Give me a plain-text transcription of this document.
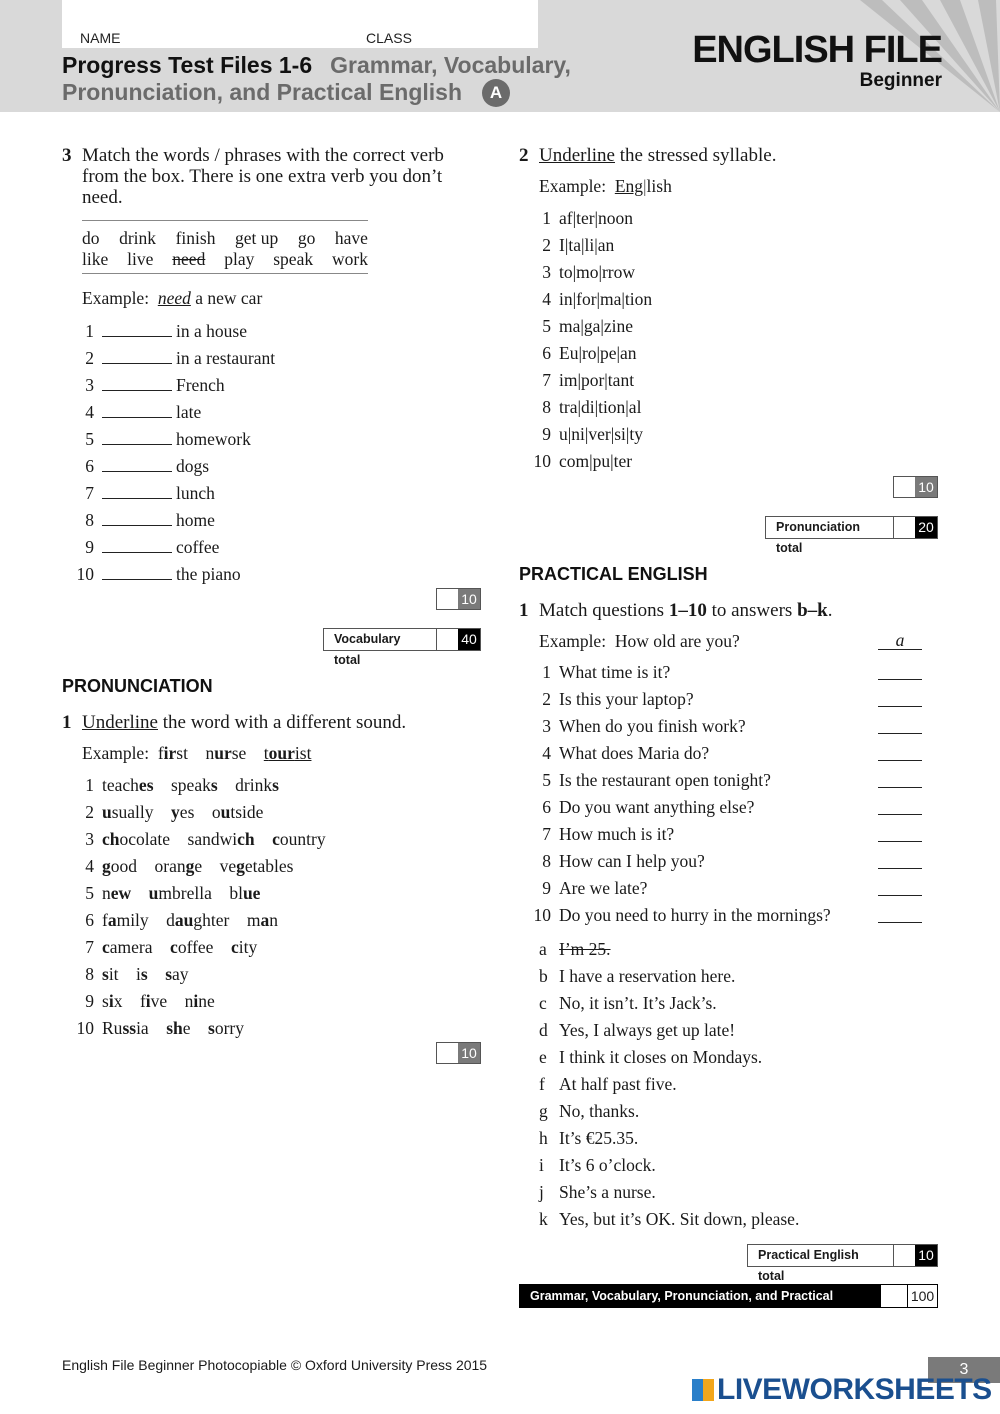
NAME	CLASS
Progress Test Files 1-6 Grammar, Vocabulary,
Pronunciation, and Practical English A
ENGLISH FILE
Beginner
3 Match the words / phrases with the correct verb
from the box. There is one extra verb you don’t
need.
do drink finish get up go have
like live need play speak work
Example: need a new car
1	in a house
2	in a restaurant
3	French
4	late
5	homework
6	dogs
7	lunch
8	home
9	coffee
10	the piano
10
Vocabulary total
40
PRONUNCIATION
1 Underline the word with a different sound.
Example:  first    nurse    tourist
1 teaches    speaks    drinks
2 usually    yes    outside
3 chocolate    sandwich country
4 good    orange    vegetables
5 new umbrella    blue
6 family    daughter    man
7 camera    coffee    city
8 sit    is say
9 six    five    nine
10 Russia    she    sorry
10
2 Underline the stressed syllable.
Example: Eng|lish
1 af|ter|noon
2 I|ta|li|an
3 to|mo|rrow
4 in|for|ma|tion
5 ma|ga|zine
6 Eu|ro|pe|an
7 im|por|tant
8 tra|di|tion|al
9 u|ni|ver|si|ty
10 com|pu|ter
10
Pronunciation total
20
PRACTICAL ENGLISH
1 Match questions 1–10 to answers b–k.
Example: How old are you?	a
1 What time is it?
2 Is this your laptop?
3 When do you finish work?
4 What does Maria do?
5 Is the restaurant open tonight?
6 Do you want anything else?
7 How much is it?
8 How can I help you?
9 Are we late?
10 Do you need to hurry in the mornings?
a I’m 25.
b I have a reservation here.
c No, it isn’t. It’s Jack’s.
d Yes, I always get up late!
e I think it closes on Mondays.
f At half past five.
g No, thanks.
h It’s €25.35.
i It’s 6 o’clock.
j She’s a nurse.
k Yes, but it’s OK. Sit down, please.
Practical English total
10
Grammar, Vocabulary, Pronunciation, and Practical English total
100
English File Beginner Photocopiable © Oxford University Press 2015	3
LIVEWORKSHEETS
